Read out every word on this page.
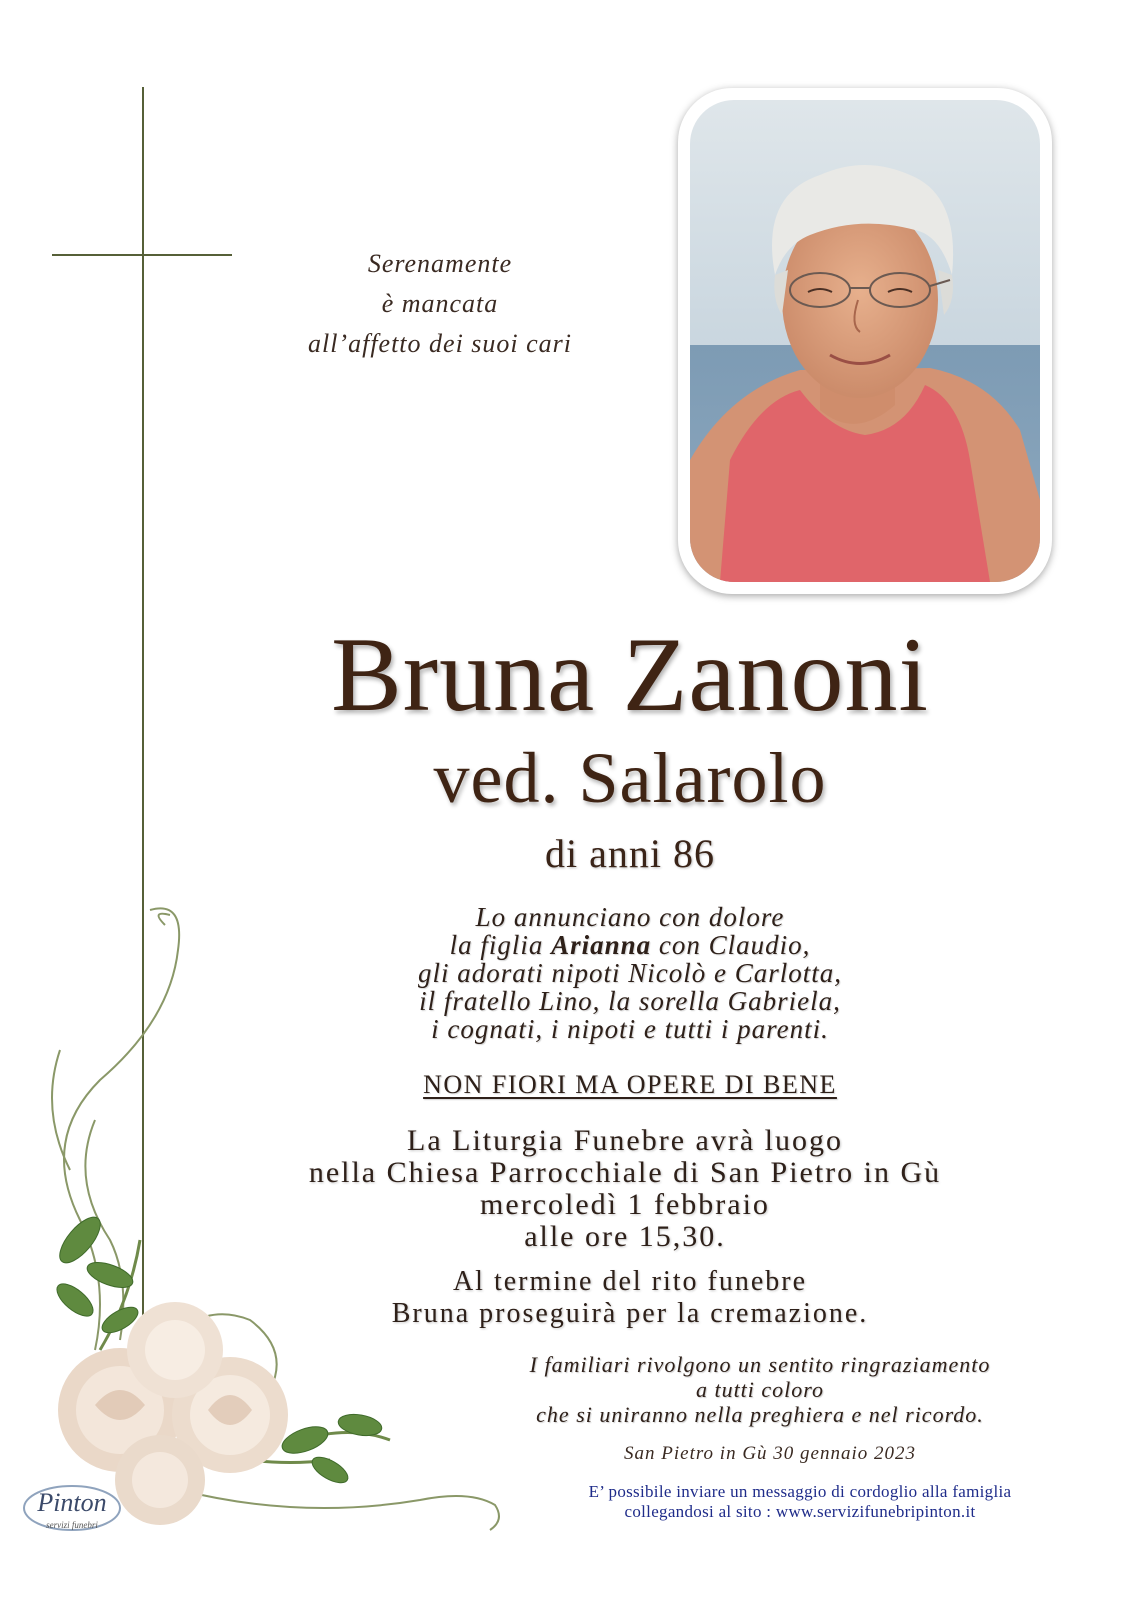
Serenamente
è mancata
all’affetto dei suoi cari
Bruna Zanoni
ved. Salarolo
di anni 86
Lo annunciano con dolore
la figlia Arianna con Claudio,
gli adorati nipoti Nicolò e Carlotta,
il fratello Lino, la sorella Gabriela,
i cognati, i nipoti e tutti i parenti.
NON FIORI MA OPERE DI BENE
La Liturgia Funebre avrà luogo
nella Chiesa Parrocchiale di San Pietro in Gù
mercoledì 1 febbraio
alle ore 15,30.
Al termine del rito funebre
Bruna proseguirà per la cremazione.
I familiari rivolgono un sentito ringraziamento
a tutti coloro
che si uniranno nella preghiera e nel ricordo.
San Pietro in Gù 30 gennaio 2023
E’ possibile inviare un messaggio di cordoglio alla famiglia
collegandosi al sito : www.servizifunebripinton.it
Pinton
servizi funebri
